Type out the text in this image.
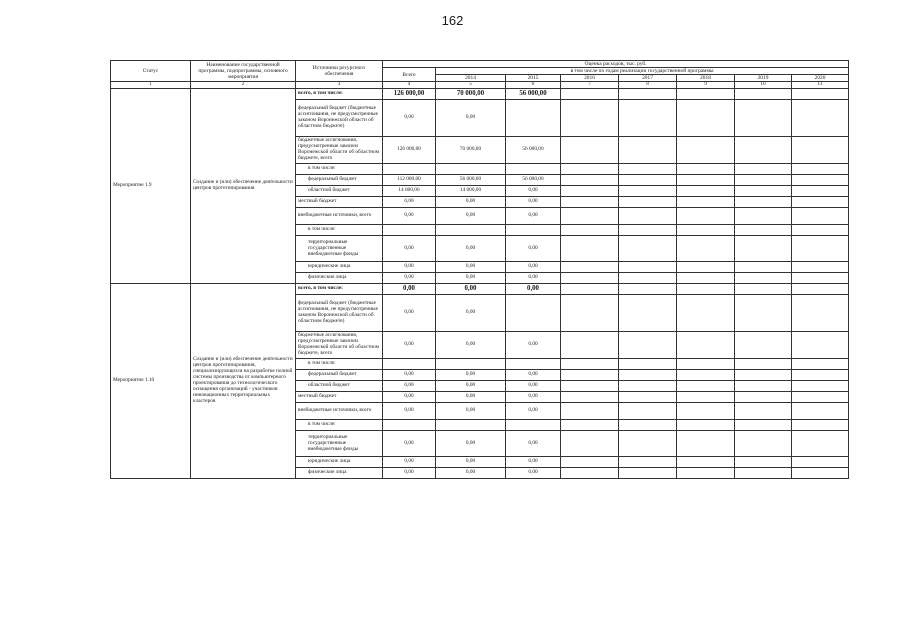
162
Статус	Наименование государственной программы, подпрограммы, основного мероприятия	Источники ресурсного обеспечения	Оценка расходов, тыс. руб.							
			Всего	в том числе по годам реализации государственной программы						
				2014	2015	2016	2017	2018	2019	2020
1	2	3	4	5	6	7	8	9	10	11
Мероприятие 1.9	Создание и (или) обеспечение деятельности центров прототипирования	всего, в том числе:	126 000,00	70 000,00	56 000,00					
		федеральный бюджет (бюджетные ассигнования, не предусмотренные законом Воронежской области об областном бюджете)	0,00	0,00						
		бюджетные ассигнования, предусмотренные законом Воронежской области об областном бюджете, всего	126 000,00	70 000,00	56 000,00					
		в том числе:								
		федеральный бюджет	112 000,00	56 000,00	56 000,00					
		областной бюджет	14 000,00	14 000,00	0,00					
		местный бюджет	0,00	0,00	0,00					
		внебюджетные источники, всего	0,00	0,00	0,00					
		в том числе:								
		территориальные государственные внебюджетные фонды	0,00	0,00	0,00					
		юридические лица	0,00	0,00	0,00					
		физические лица	0,00	0,00	0,00					
Мероприятие 1.10	Создание и (или) обеспечение деятельности центров прототипирования, специализирующихся на разработке полной системы производства от компьютерного проектирования до технологического оснащения организаций - участников инновационных территориальных кластеров	всего, в том числе:	0,00	0,00	0,00					
		федеральный бюджет (бюджетные ассигнования, не предусмотренные законом Воронежской области об областном бюджете)	0,00	0,00						
		бюджетные ассигнования, предусмотренные законом Воронежской области об областном бюджете, всего	0,00	0,00	0,00					
		в том числе:								
		федеральный бюджет	0,00	0,00	0,00					
		областной бюджет	0,00	0,00	0,00					
		местный бюджет	0,00	0,00	0,00					
		внебюджетные источники, всего	0,00	0,00	0,00					
		в том числе:								
		территориальные государственные внебюджетные фонды	0,00	0,00	0,00					
		юридические лица	0,00	0,00	0,00					
		физические лица	0,00	0,00	0,00					
